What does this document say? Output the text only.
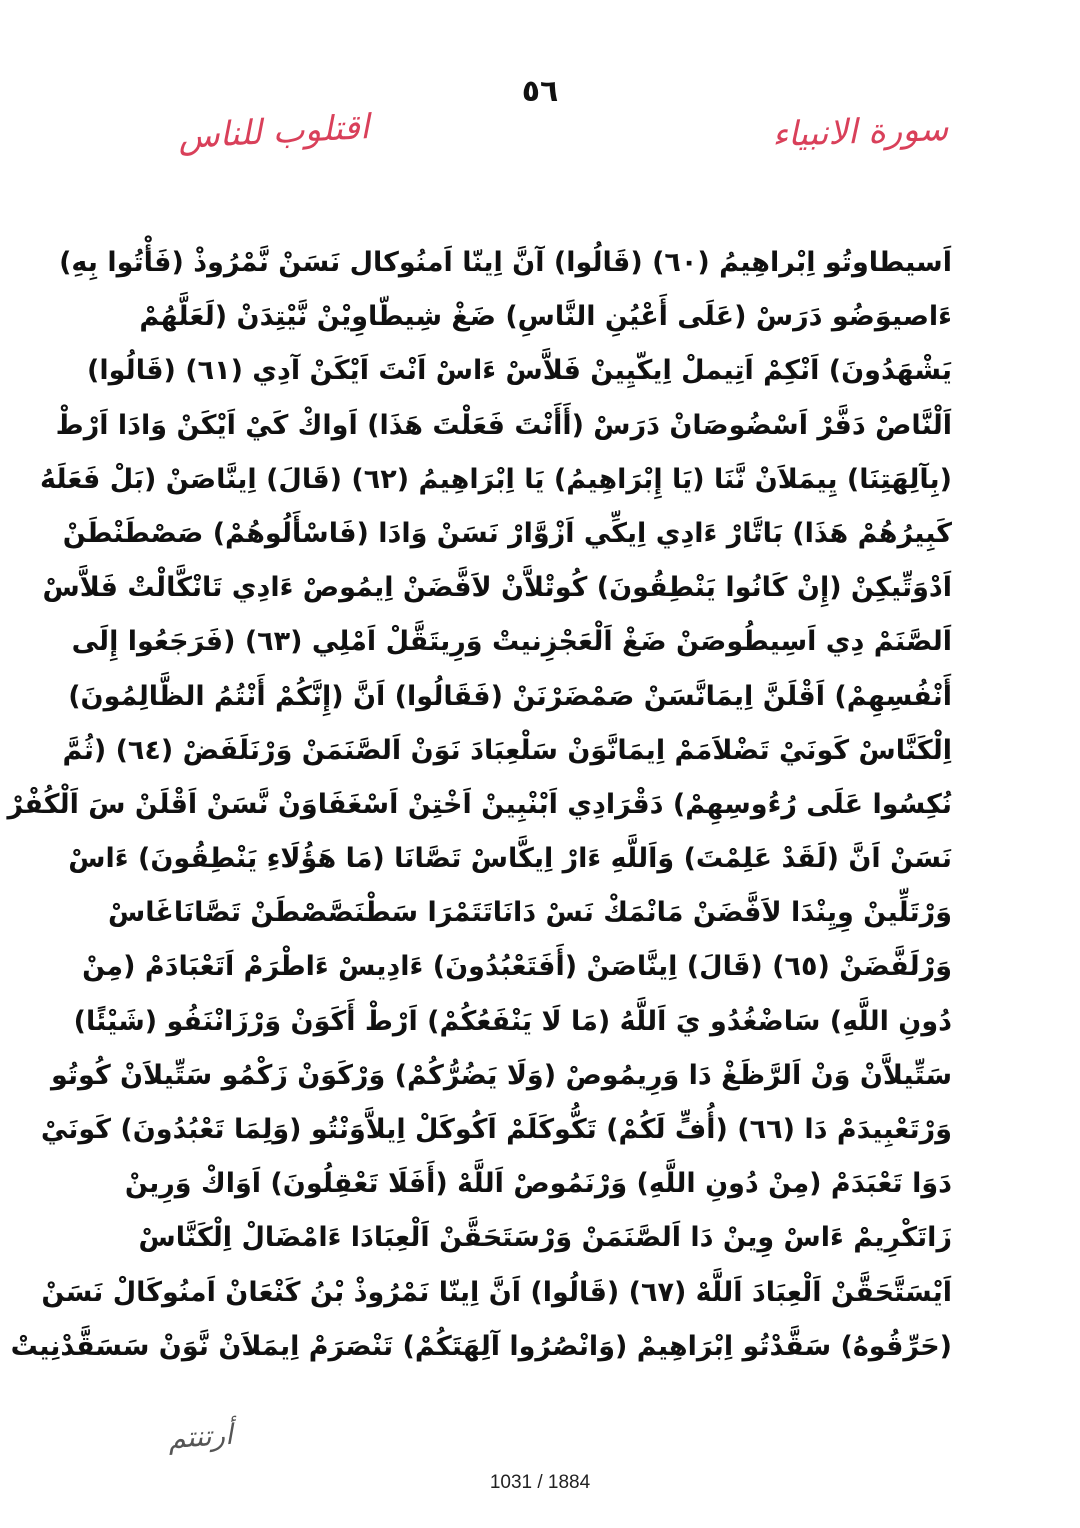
٥٦
اقتلوب للناس	سورة الانبياء
اَسيطاوتُو اِبْراهِيمُ (٦٠) (قَالُوا) آنَّ اِينّا اَمنُوكال نَسَنْ نَّمْرُوذْ (فَأْتُوا بِهِ)
ءَاصيوَضُو دَرَسْ (عَلَى أَعْيُنِ النَّاسِ) ضَغْ شِيطّاوِيْنْ نَّيْتِدَنْ (لَعَلَّهُمْ
يَشْهَدُونَ) اَنْكِمْ اَتِيملْ اِيكّيِينْ فَلاَّسْ ءَاسْ اَنْتَ اَيْكَنْ آدِي (٦١) (قَالُوا)
اَلْنَّاصْ دَفَّرْ اَسْضُوصَانْ دَرَسْ (أَأَنْتَ فَعَلْتَ هَذَا) اَواكْ كَيْ اَيْكَنْ وَادَا اَرْطْ
(بِآلِهَتِنَا) يِيمَلاَنْ نَّنَا (يَا إِبْرَاهِيمُ) يَا اِبْرَاهِيمُ (٦٢) (قَالَ) اِينَّاصَنْ (بَلْ فَعَلَهُ
كَبِيرُهُمْ هَذَا) بَاتَّارْ ءَادِي اِيكِّي اَزْوَّارْ نَسَنْ وَادَا (فَاسْأَلُوهُمْ) صَصْطَنْطَنْ
اَدْوَتِّيكِنْ (إِنْ كَانُوا يَنْطِقُونَ) كُوتْلاَّنْ لاَفَّضَنْ اِيمُوصْ ءَادِي تَانْكَّالْتْ فَلاَّسْ
اَلصَّنَمْ دِي اَسِيطُوصَنْ ضَغْ اَلْعَجْزِنيتْ وَرِيتَقَّلْ اَمْلِي (٦٣) (فَرَجَعُوا إِلَى
أَنْفُسِهِمْ) اَقْلَنَّ اِيمَانَّسَنْ صَمْضَرْنَنْ (فَقَالُوا) اَنَّ (إِنَّكُمْ أَنْتُمُ الظَّالِمُونَ)
اِلْكَنَّاسْ كَونَيْ تَضْلاَمَمْ اِيمَانَّوَنْ سَلْعِبَادَ نَوَنْ اَلصَّنَمَنْ وَرْنَلَفَضْ (٦٤) (ثُمَّ
نُكِسُوا عَلَى رُءُوسِهِمْ) دَقْرَادِي اَبْنْبِينْ اَخْتِنْ اَسْغَفَاوَنْ نَّسَنْ اَقْلَنْ سَ اَلْكُفْرْ
نَسَنْ اَنَّ (لَقَدْ عَلِمْتَ) وَاَللَّهِ ءَارْ اِيكَّاسْ تَصَّانَا (مَا هَؤُلَاءِ يَنْطِقُونَ) ءَاسْ
وَرْتَلِّينْ وِيِنْدَا لاَفَّضَنْ مَانْمَكْ نَسْ دَانَاتَتَمْرَا سَطْنَصَّصْطَنْ تَصَّانَاغَاسْ
وَرْلَفَّضَنْ (٦٥) (قَالَ) اِينَّاصَنْ (أَفَتَعْبُدُونَ) ءَادِيسْ ءَاطْرَمْ اَتَعْبَادَمْ (مِنْ
دُونِ اللَّهِ) سَاضْغُدُو يَ اَللَّهُ (مَا لَا يَنْفَعُكُمْ) اَرْطْ أَكَوَنْ وَرْزَانْنَفُو (شَيْئًا)
سَتِّيلاَّنْ وَنْ اَلرَّظَغْ دَا وَرِيمُوصْ (وَلَا يَضُرُّكُمْ) وَرْكَوَنْ زَكْمُو سَتِّيلاَنْ كُوتُو
وَرْتَعْبِيدَمْ دَا (٦٦) (أُفٍّ لَكُمْ) تَكُّوكَلَمْ اَكُوكَلْ اِيلاَّوَنْتُو (وَلِمَا تَعْبُدُونَ) كَونَيْ
دَوَا تَعْبَدَمْ (مِنْ دُونِ اللَّهِ) وَرْنَمُوصْ اَللَّهْ (أَفَلَا تَعْقِلُونَ) اَوَاكْ وَرِينْ
زَاتَكْرِيمْ ءَاسْ وِينْ دَا اَلصَّنَمَنْ وَرْسَتَحَقَّنْ اَلْعِبَادَا ءَامْضَالْ اِلْكَنَّاسْ
اَيْسَتَّحَقَّنْ اَلْعِبَادَ اَللَّهْ (٦٧) (قَالُوا) اَنَّ اِينّا نَمْرُوذْ بْنُ كَنْعَانْ اَمنُوكَالْ نَسَنْ
(حَرِّقُوهُ) سَقَّدْتُو اِبْرَاهِيمْ (وَانْصُرُوا آلِهَتَكُمْ) تَنْصَرَمْ اِيمَلاَنْ نَّوَنْ سَسَقَّدْنِيتْ
أرتنتم
1031 / 1884
